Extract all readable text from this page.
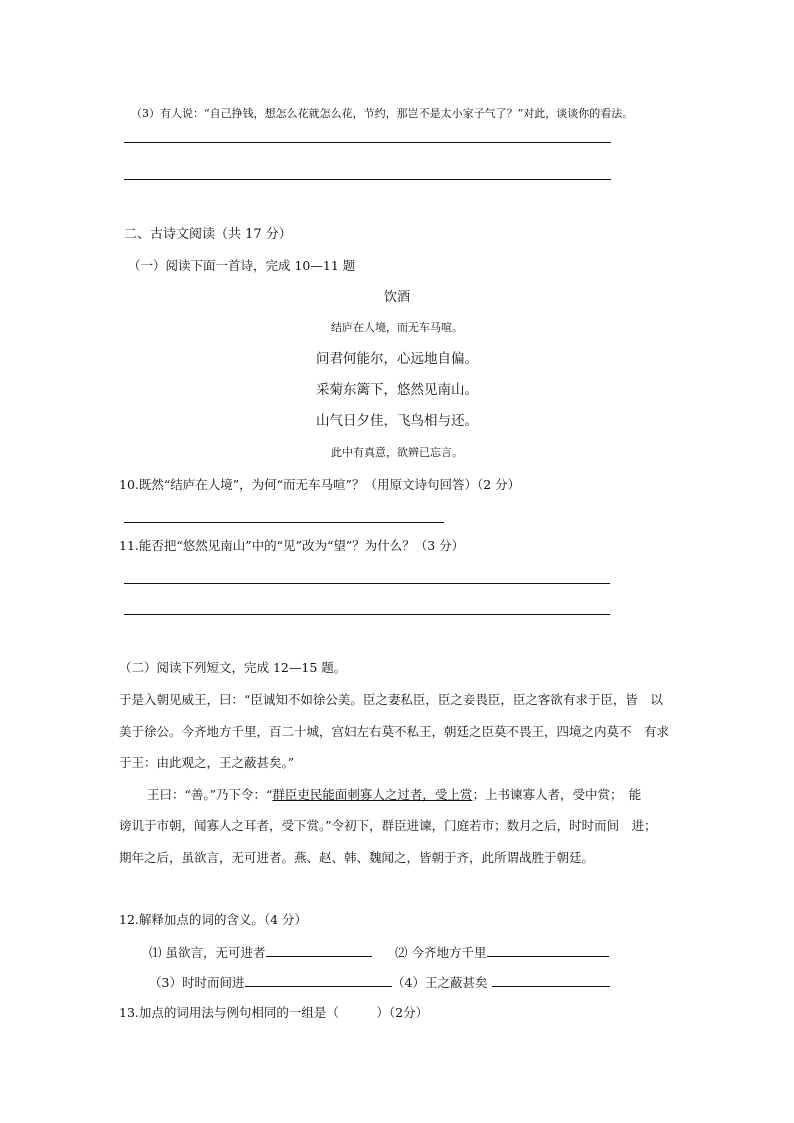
（3）有人说：“自己挣钱，想怎么花就怎么花，节约，那岂不是太小家子气了？”对此，谈谈你的看法。
二、古诗文阅读（共 17 分）
（一）阅读下面一首诗，完成 10—11 题
饮酒
结庐在人境，而无车马喧。
问君何能尔，心远地自偏。
采菊东篱下，悠然见南山。
山气日夕佳，飞鸟相与还。
此中有真意，欲辨已忘言。
10.既然“结庐在人境”，为何“而无车马喧”？（用原文诗句回答）（2 分）
11.能否把“悠然见南山”中的“见”改为“望”？为什么？（3 分）
（二）阅读下列短文，完成 12—15 题。
于是入朝见威王，曰：“臣诚知不如徐公美。臣之妻私臣，臣之妾畏臣，臣之客欲有求于臣，皆　以
美于徐公。今齐地方千里，百二十城，宫妇左右莫不私王，朝廷之臣莫不畏王，四境之内莫不　有求
于王：由此观之，王之蔽甚矣。”
王曰：“善。”乃下令：“群臣吏民能面刺寡人之过者，受上赏；上书谏寡人者，受中赏；　能
谤讥于市朝，闻寡人之耳者，受下赏。”令初下，群臣进谏，门庭若市；数月之后，时时而间　进；
期年之后，虽欲言，无可进者。燕、赵、韩、魏闻之，皆朝于齐，此所谓战胜于朝廷。
12.解释加点的词的含义。（4 分）
⑴ 虽欲言，无可进者	⑵ 今齐地方千里
（3）时时而间进	（4）王之蔽甚矣
13.加点的词用法与例句相同的一组是（　　　）（2分）
